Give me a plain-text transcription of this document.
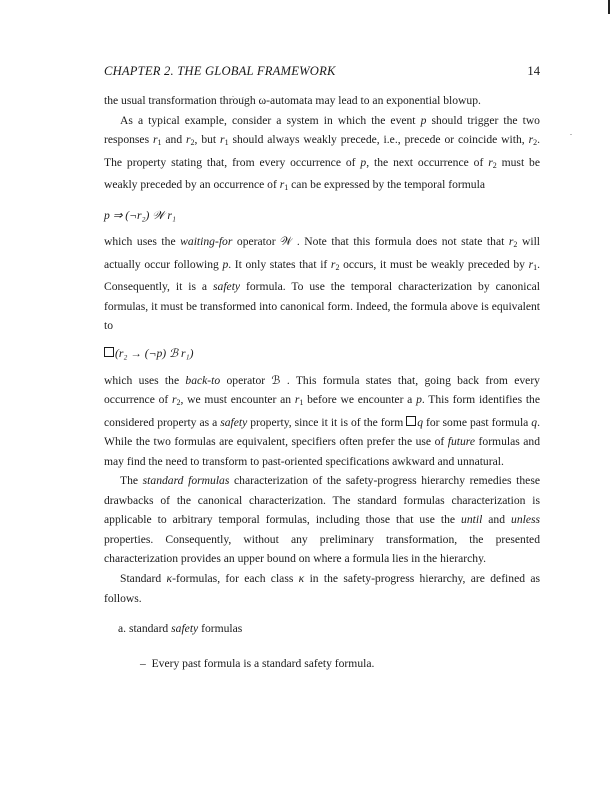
CHAPTER 2. THE GLOBAL FRAMEWORK	14

the usual transformation through ω-automata may lead to an exponential blowup.

As a typical example, consider a system in which the event p should trigger the two responses $r_1$ and $r_2$, but $r_1$ should always weakly precede, i.e., precede or coincide with, $r_2$. The property stating that, from every occurrence of p, the next occurrence of $r_2$ must be weakly preceded by an occurrence of $r_1$ can be expressed by the temporal formula

p ⇒ (¬r₂) 𝒲 r₁

which uses the waiting-for operator 𝒲 . Note that this formula does not state that $r_2$ will actually occur following p. It only states that if $r_2$ occurs, it must be weakly preceded by $r_1$. Consequently, it is a safety formula. To use the temporal characterization by canonical formulas, it must be transformed into canonical form. Indeed, the formula above is equivalent to

(r₂ → (¬p) ℬ r₁)

which uses the back-to operator ℬ . This formula states that, going back from every occurrence of $r_2$, we must encounter an $r_1$ before we encounter a p. This form identifies the considered property as a safety property, since it it is of the form q for some past formula q. While the two formulas are equivalent, specifiers often prefer the use of future formulas and may find the need to transform to past-oriented specifications awkward and unnatural.

The standard formulas characterization of the safety-progress hierarchy remedies these drawbacks of the canonical characterization. The standard formulas characterization is applicable to arbitrary temporal formulas, including those that use the until and unless properties. Consequently, without any preliminary transformation, the presented characterization provides an upper bound on where a formula lies in the hierarchy.

Standard κ-formulas, for each class κ in the safety-progress hierarchy, are defined as follows.

a. standard safety formulas

– Every past formula is a standard safety formula.
